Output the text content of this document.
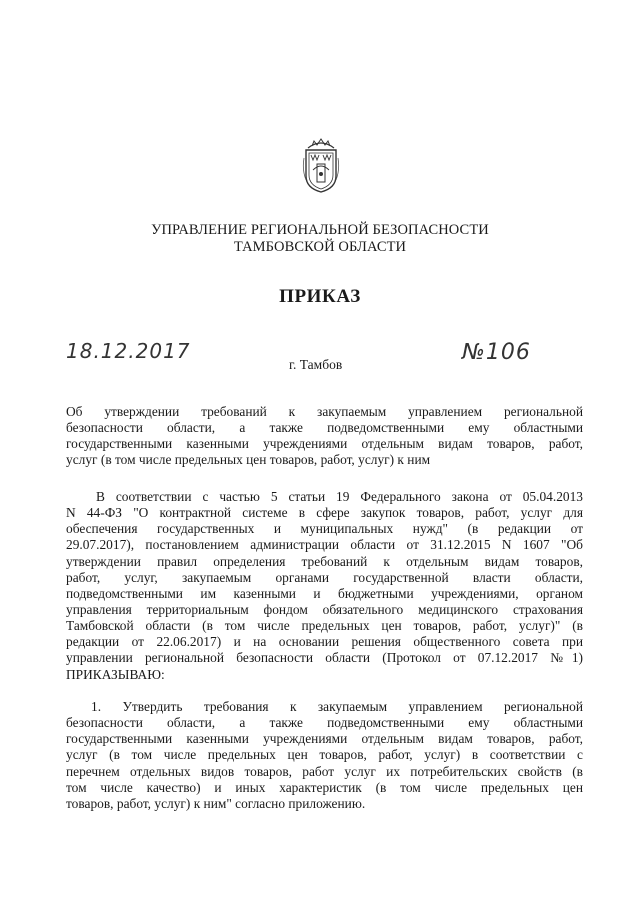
УПРАВЛЕНИЕ РЕГИОНАЛЬНОЙ БЕЗОПАСНОСТИ
ТАМБОВСКОЙ ОБЛАСТИ
ПРИКАЗ
18.12.2017
г. Тамбов	№106
Об утверждении требований к закупаемым управлением региональной
безопасности области, а также подведомственными ему областными
государственными казенными учреждениями отдельным видам товаров, работ,
услуг (в том числе предельных цен товаров, работ, услуг) к ним
В соответствии с частью 5 статьи 19 Федерального закона от 05.04.2013
N 44-ФЗ "О контрактной системе в сфере закупок товаров, работ, услуг для
обеспечения государственных и муниципальных нужд" (в редакции от
29.07.2017), постановлением администрации области от 31.12.2015 N 1607 "Об
утверждении правил определения требований к отдельным видам товаров,
работ, услуг, закупаемым органами государственной власти области,
подведомственными им казенными и бюджетными учреждениями, органом
управления территориальным фондом обязательного медицинского страхования
Тамбовской области (в том числе предельных цен товаров, работ, услуг)" (в
редакции от 22.06.2017) и на основании решения общественного совета при
управлении региональной безопасности области (Протокол от 07.12.2017 №1)
ПРИКАЗЫВАЮ:
1. Утвердить требования к закупаемым управлением региональной
безопасности области, а также подведомственными ему областными
государственными казенными учреждениями отдельным видам товаров, работ,
услуг (в том числе предельных цен товаров, работ, услуг) в соответствии с
перечнем отдельных видов товаров, работ услуг их потребительских свойств (в
том числе качество) и иных характеристик (в том числе предельных цен
товаров, работ, услуг) к ним" согласно приложению.
